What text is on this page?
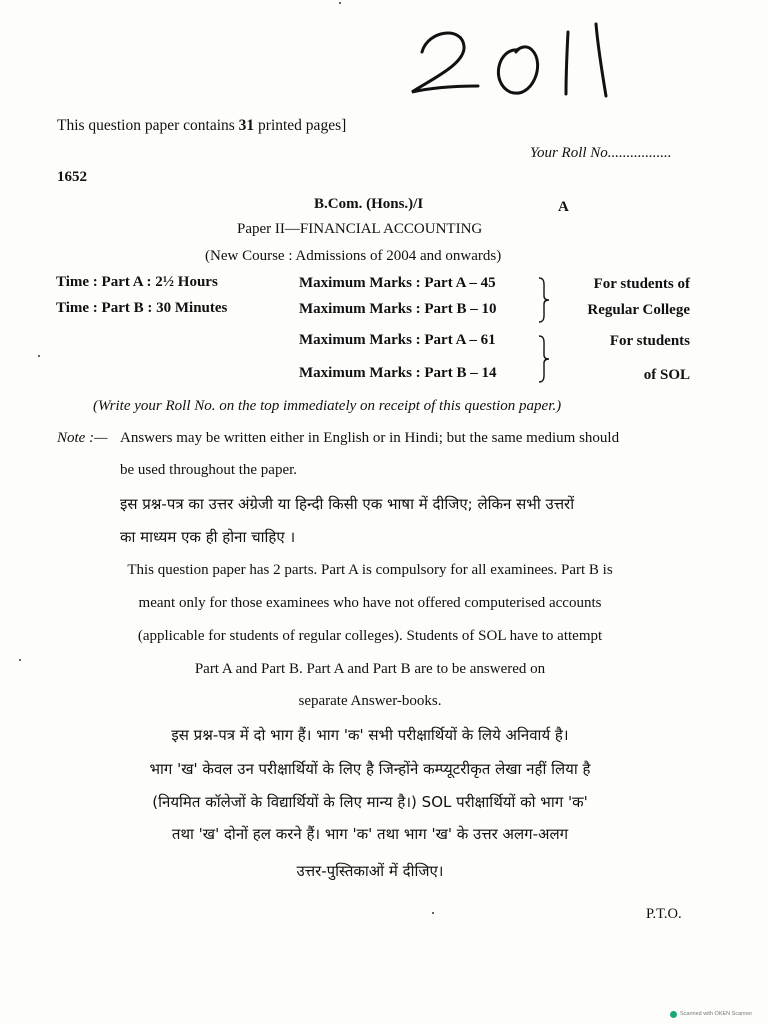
This question paper contains 31 printed pages]
Your Roll No.................
1652
B.Com. (Hons.)/I	A
Paper II—FINANCIAL ACCOUNTING
(New Course : Admissions of 2004 and onwards)
Time : Part A : 2½ Hours
Time : Part B : 30 Minutes
Maximum Marks : Part A – 45
Maximum Marks : Part B – 10
Maximum Marks : Part A – 61
Maximum Marks : Part B – 14
For students of
Regular College
For students
of SOL
(Write your Roll No. on the top immediately on receipt of this question paper.)
Note :— Answers may be written either in English or in Hindi; but the same medium should
be used throughout the paper.
इस प्रश्न-पत्र का उत्तर अंग्रेजी या हिन्दी किसी एक भाषा में दीजिए; लेकिन सभी उत्तरों
का माध्यम एक ही होना चाहिए ।
This question paper has 2 parts. Part A is compulsory for all examinees. Part B is
meant only for those examinees who have not offered computerised accounts
(applicable for students of regular colleges). Students of SOL have to attempt
Part A and Part B. Part A and Part B are to be answered on
separate Answer-books.
इस प्रश्न-पत्र में दो भाग हैं। भाग 'क' सभी परीक्षार्थियों के लिये अनिवार्य है।
भाग 'ख' केवल उन परीक्षार्थियों के लिए है जिन्होंने कम्प्यूटरीकृत लेखा नहीं लिया है
(नियमित कॉलेजों के विद्यार्थियों के लिए मान्य है।) SOL परीक्षार्थियों को भाग 'क'
तथा 'ख' दोनों हल करने हैं। भाग 'क' तथा भाग 'ख' के उत्तर अलग-अलग
उत्तर-पुस्तिकाओं में दीजिए।
P.T.O.
Scanned with OKEN Scanner
